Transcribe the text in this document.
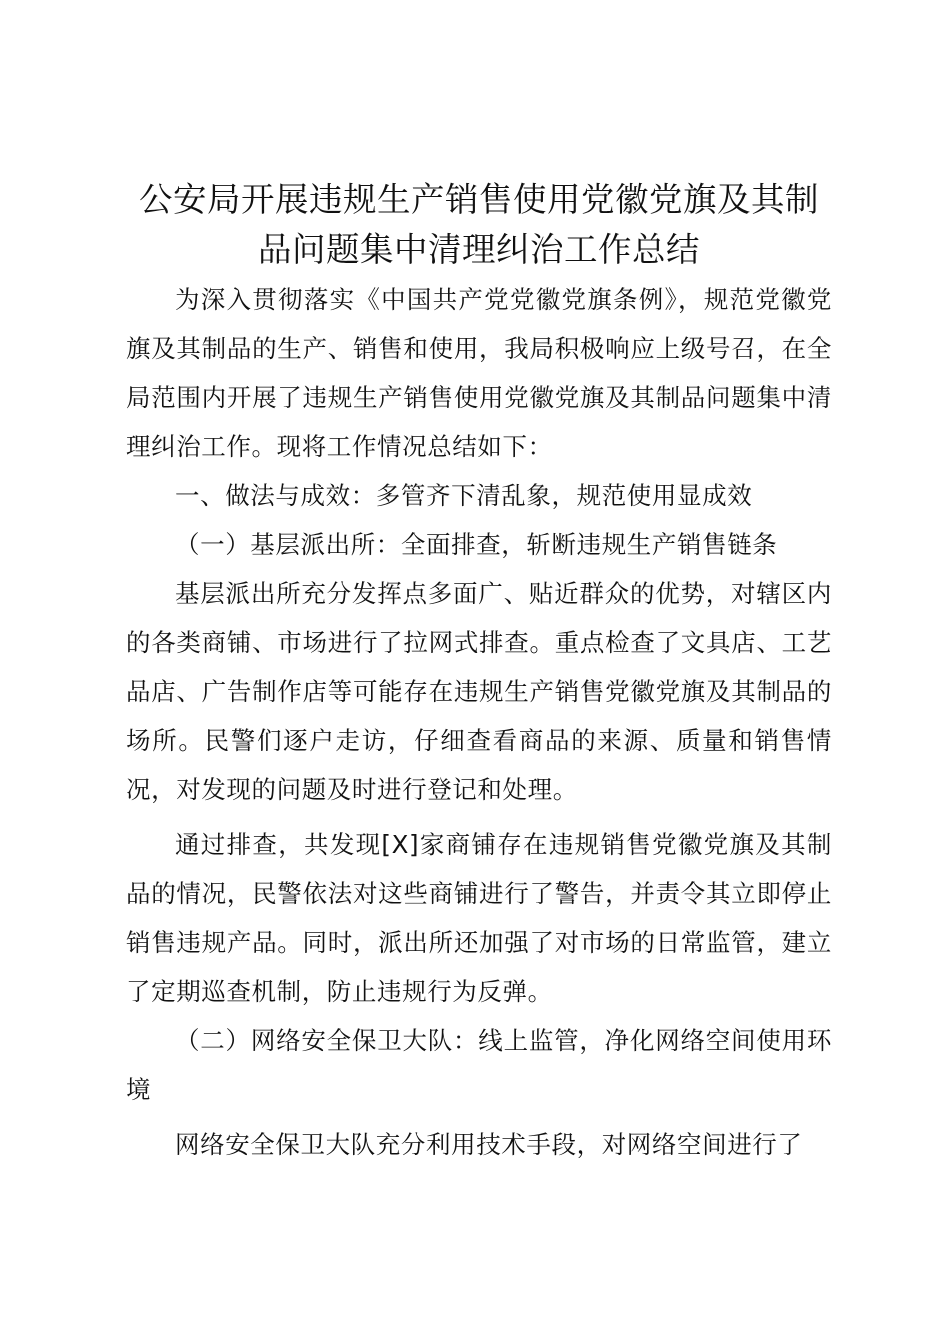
公安局开展违规生产销售使用党徽党旗及其制
品问题集中清理纠治工作总结

为深入贯彻落实《中国共产党党徽党旗条例》，规范党徽党旗及其制品的生产、销售和使用，我局积极响应上级号召，在全局范围内开展了违规生产销售使用党徽党旗及其制品问题集中清理纠治工作。现将工作情况总结如下：

一、做法与成效：多管齐下清乱象，规范使用显成效

（一）基层派出所：全面排查，斩断违规生产销售链条

基层派出所充分发挥点多面广、贴近群众的优势，对辖区内的各类商铺、市场进行了拉网式排查。重点检查了文具店、工艺品店、广告制作店等可能存在违规生产销售党徽党旗及其制品的场所。民警们逐户走访，仔细查看商品的来源、质量和销售情况，对发现的问题及时进行登记和处理。

通过排查，共发现[X]家商铺存在违规销售党徽党旗及其制品的情况，民警依法对这些商铺进行了警告，并责令其立即停止销售违规产品。同时，派出所还加强了对市场的日常监管，建立了定期巡查机制，防止违规行为反弹。

（二）网络安全保卫大队：线上监管，净化网络空间使用环境

网络安全保卫大队充分利用技术手段，对网络空间进行了
